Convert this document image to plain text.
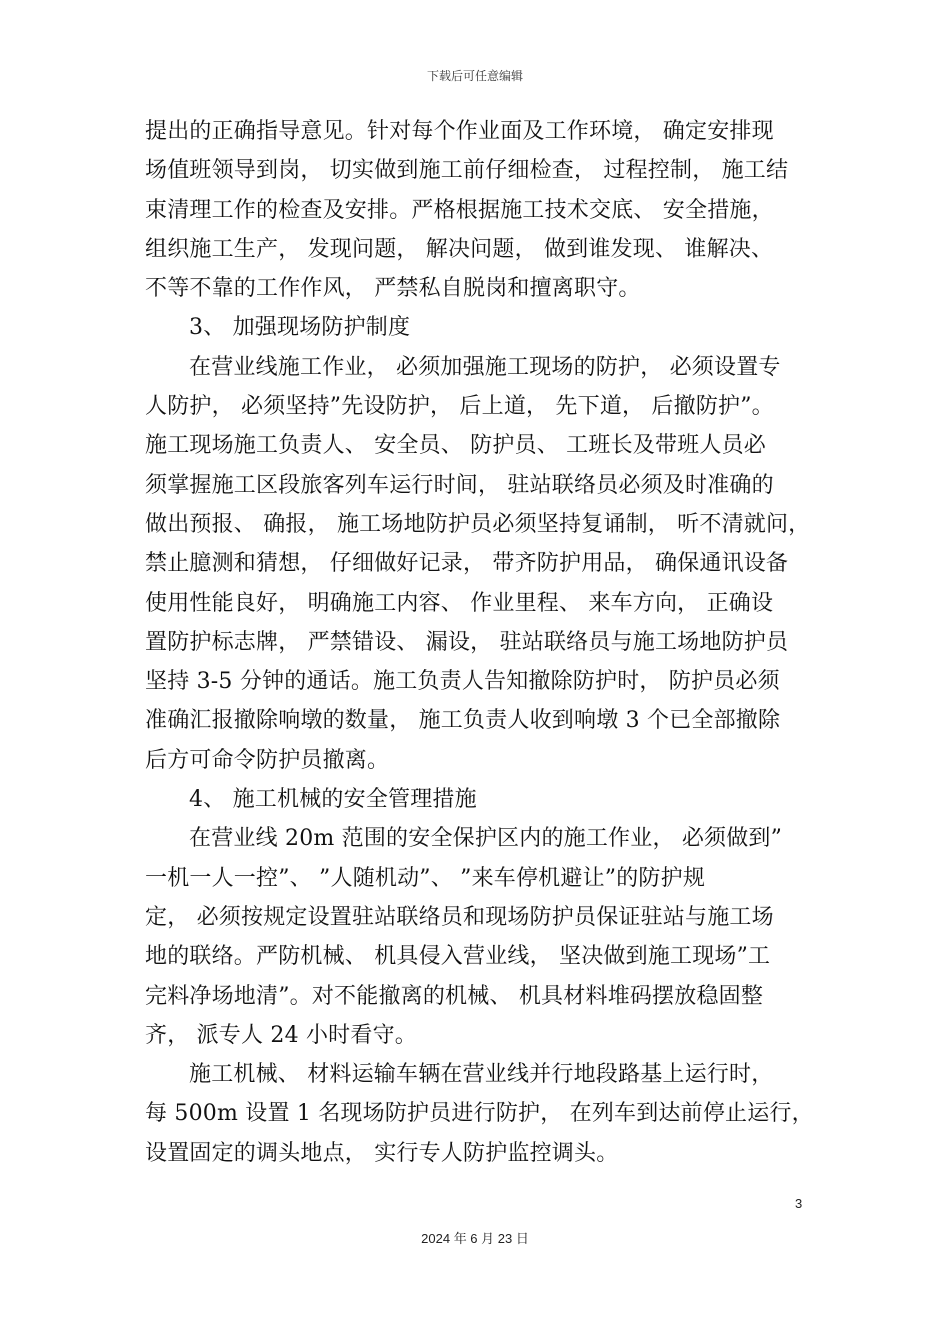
下载后可任意编辑
提出的正确指导意见。针对每个作业面及工作环境， 确定安排现
场值班领导到岗， 切实做到施工前仔细检查， 过程控制， 施工结
束清理工作的检查及安排。严格根据施工技术交底、 安全措施，
组织施工生产， 发现问题， 解决问题， 做到谁发现、 谁解决、
不等不靠的工作作风， 严禁私自脱岗和擅离职守。
3、 加强现场防护制度
在营业线施工作业， 必须加强施工现场的防护， 必须设置专
人防护， 必须坚持”先设防护， 后上道， 先下道， 后撤防护”。
施工现场施工负责人、 安全员、 防护员、 工班长及带班人员必
须掌握施工区段旅客列车运行时间， 驻站联络员必须及时准确的
做出预报、 确报， 施工场地防护员必须坚持复诵制， 听不清就问，
禁止臆测和猜想， 仔细做好记录， 带齐防护用品， 确保通讯设备
使用性能良好， 明确施工内容、 作业里程、 来车方向， 正确设
置防护标志牌， 严禁错设、 漏设， 驻站联络员与施工场地防护员
坚持 3-5 分钟的通话。施工负责人告知撤除防护时， 防护员必须
准确汇报撤除响墩的数量， 施工负责人收到响墩 3 个已全部撤除
后方可命令防护员撤离。
4、 施工机械的安全管理措施
在营业线 20m 范围的安全保护区内的施工作业， 必须做到”
一机一人一控”、 ”人随机动”、 ”来车停机避让”的防护规
定， 必须按规定设置驻站联络员和现场防护员保证驻站与施工场
地的联络。严防机械、 机具侵入营业线， 坚决做到施工现场”工
完料净场地清”。对不能撤离的机械、 机具材料堆码摆放稳固整
齐， 派专人 24 小时看守。
施工机械、 材料运输车辆在营业线并行地段路基上运行时，
每 500m 设置 1 名现场防护员进行防护， 在列车到达前停止运行，
设置固定的调头地点， 实行专人防护监控调头。
3
2024 年 6 月 23 日
